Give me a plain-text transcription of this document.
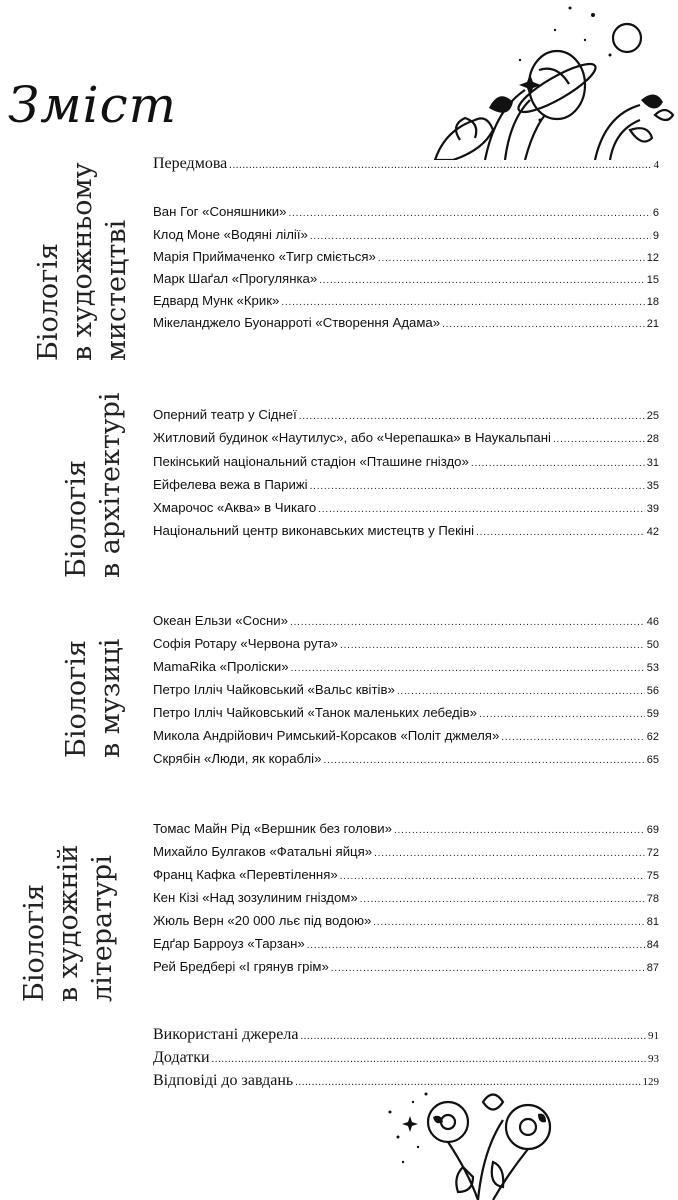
Зміст
Біологія в художньому мистецтві
Біологія в архітектурі
Біологія в музиці
Біологія в художній літературі
Передмова .....	4
Ван Гог «Соняшники» .....	6
Клод Моне «Водяні лілії» .....	9
Марія Приймаченко «Тигр сміється» .....	12
Марк Шаґал «Прогулянка» .....	15
Едвард Мунк «Крик» .....	18
Мікеланджело Буонарроті «Створення Адама» .....	21
Оперний театр у Сіднеї .....	25
Житловий будинок «Наутилус», або «Черепашка» в Наукальпані .....	28
Пекінський національний стадіон «Пташине гніздо» .....	31
Ейфелева вежа в Парижі .....	35
Хмарочос «Аква» в Чикаго .....	39
Національний центр виконавських мистецтв у Пекіні .....	42
Океан Ельзи «Сосни» .....	46
Софія Ротару «Червона рута» .....	50
MamaRika «Проліски» .....	53
Петро Ілліч Чайковський «Вальс квітів» .....	56
Петро Ілліч Чайковський «Танок маленьких лебедів» .....	59
Микола Андрійович Римський-Корсаков «Політ джмеля» .....	62
Скрябін «Люди, як кораблі» .....	65
Томас Майн Рід «Вершник без голови» .....	69
Михайло Булгаков «Фатальні яйця» .....	72
Франц Кафка «Перевтілення» .....	75
Кен Кізі «Над зозулиним гніздом» .....	78
Жюль Верн «20 000 льє під водою» .....	81
Едґар Барроуз «Тарзан» .....	84
Рей Бредбері «І грянув грім» .....	87
Використані джерела .....	91
Додатки .....	93
Відповіді до завдань .....	129
